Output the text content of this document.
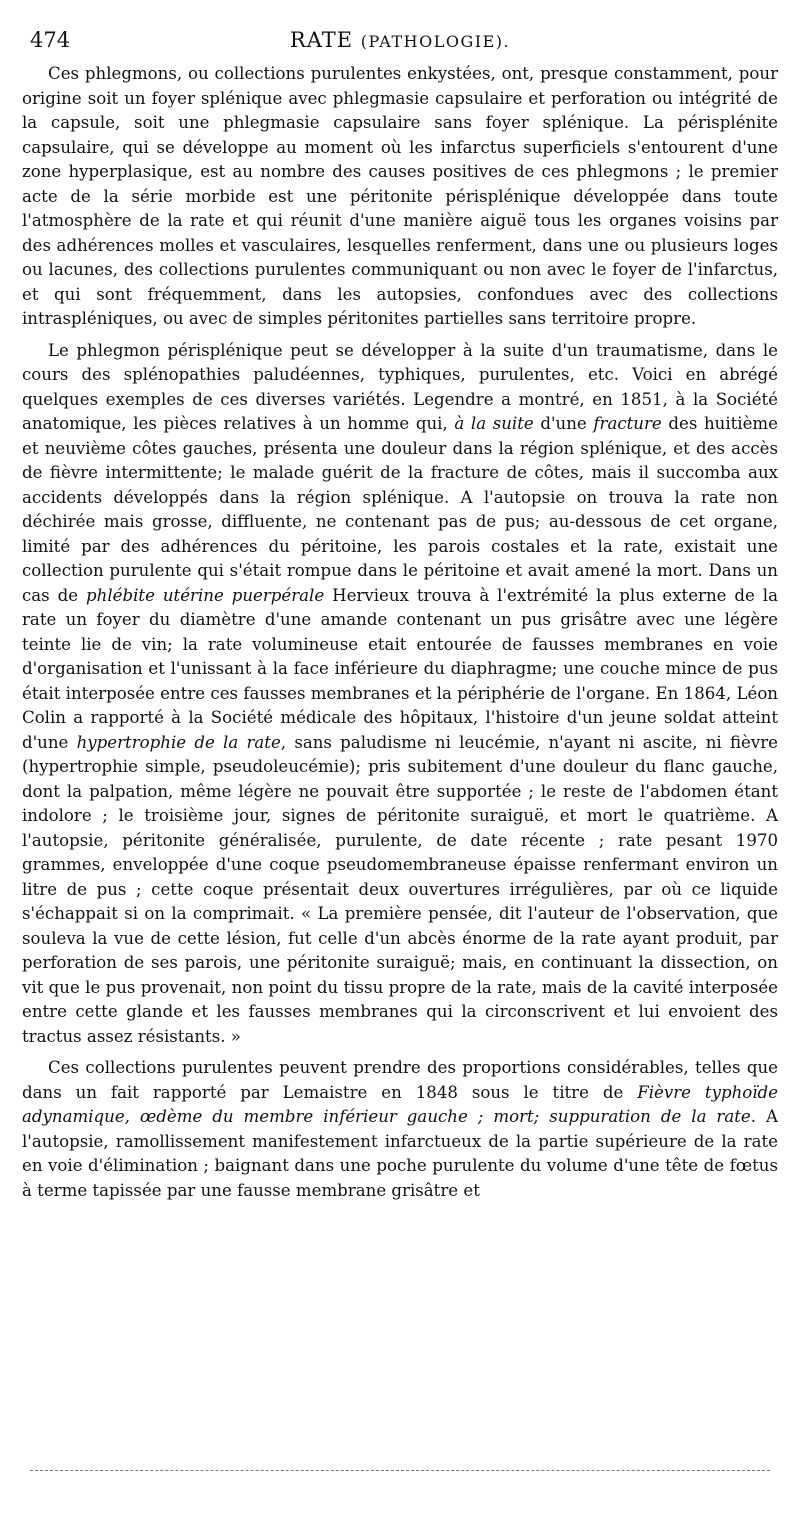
474	RATE (PATHOLOGIE).

Ces phlegmons, ou collections purulentes enkystées, ont, presque constamment, pour origine soit un foyer splénique avec phlegmasie capsulaire et perforation ou intégrité de la capsule, soit une phlegmasie capsulaire sans foyer splénique. La périsplénite capsulaire, qui se développe au moment où les infarctus superficiels s'entourent d'une zone hyperplasique, est au nombre des causes positives de ces phlegmons ; le premier acte de la série morbide est une péritonite périsplénique développée dans toute l'atmosphère de la rate et qui réunit d'une manière aiguë tous les organes voisins par des adhérences molles et vasculaires, lesquelles renferment, dans une ou plusieurs loges ou lacunes, des collections purulentes communiquant ou non avec le foyer de l'infarctus, et qui sont fréquemment, dans les autopsies, confondues avec des collections intraspléniques, ou avec de simples péritonites partielles sans territoire propre.

Le phlegmon périsplénique peut se développer à la suite d'un traumatisme, dans le cours des splénopathies paludéennes, typhiques, purulentes, etc. Voici en abrégé quelques exemples de ces diverses variétés. Legendre a montré, en 1851, à la Société anatomique, les pièces relatives à un homme qui, à la suite d'une fracture des huitième et neuvième côtes gauches, présenta une douleur dans la région splénique, et des accès de fièvre intermittente; le malade guérit de la fracture de côtes, mais il succomba aux accidents développés dans la région splénique. A l'autopsie on trouva la rate non déchirée mais grosse, diffluente, ne contenant pas de pus; au-dessous de cet organe, limité par des adhérences du péritoine, les parois costales et la rate, existait une collection purulente qui s'était rompue dans le péritoine et avait amené la mort. Dans un cas de phlébite utérine puerpérale Hervieux trouva à l'extrémité la plus externe de la rate un foyer du diamètre d'une amande contenant un pus grisâtre avec une légère teinte lie de vin; la rate volumineuse etait entourée de fausses membranes en voie d'organisation et l'unissant à la face inférieure du diaphragme; une couche mince de pus était interposée entre ces fausses membranes et la périphérie de l'organe. En 1864, Léon Colin a rapporté à la Société médicale des hôpitaux, l'histoire d'un jeune soldat atteint d'une hypertrophie de la rate, sans paludisme ni leucémie, n'ayant ni ascite, ni fièvre (hypertrophie simple, pseudoleucémie); pris subitement d'une douleur du flanc gauche, dont la palpation, même légère ne pouvait être supportée ; le reste de l'abdomen étant indolore ; le troisième jour, signes de péritonite suraiguë, et mort le quatrième. A l'autopsie, péritonite généralisée, purulente, de date récente ; rate pesant 1970 grammes, enveloppée d'une coque pseudomembraneuse épaisse renfermant environ un litre de pus ; cette coque présentait deux ouvertures irrégulières, par où ce liquide s'échappait si on la comprimait. « La première pensée, dit l'auteur de l'observation, que souleva la vue de cette lésion, fut celle d'un abcès énorme de la rate ayant produit, par perforation de ses parois, une péritonite suraiguë; mais, en continuant la dissection, on vit que le pus provenait, non point du tissu propre de la rate, mais de la cavité interposée entre cette glande et les fausses membranes qui la circonscrivent et lui envoient des tractus assez résistants. »

Ces collections purulentes peuvent prendre des proportions considérables, telles que dans un fait rapporté par Lemaistre en 1848 sous le titre de Fièvre typhoïde adynamique, œdème du membre inférieur gauche ; mort; suppuration de la rate. A l'autopsie, ramollissement manifestement infarctueux de la partie supérieure de la rate en voie d'élimination ; baignant dans une poche purulente du volume d'une tête de fœtus à terme tapissée par une fausse membrane grisâtre et
